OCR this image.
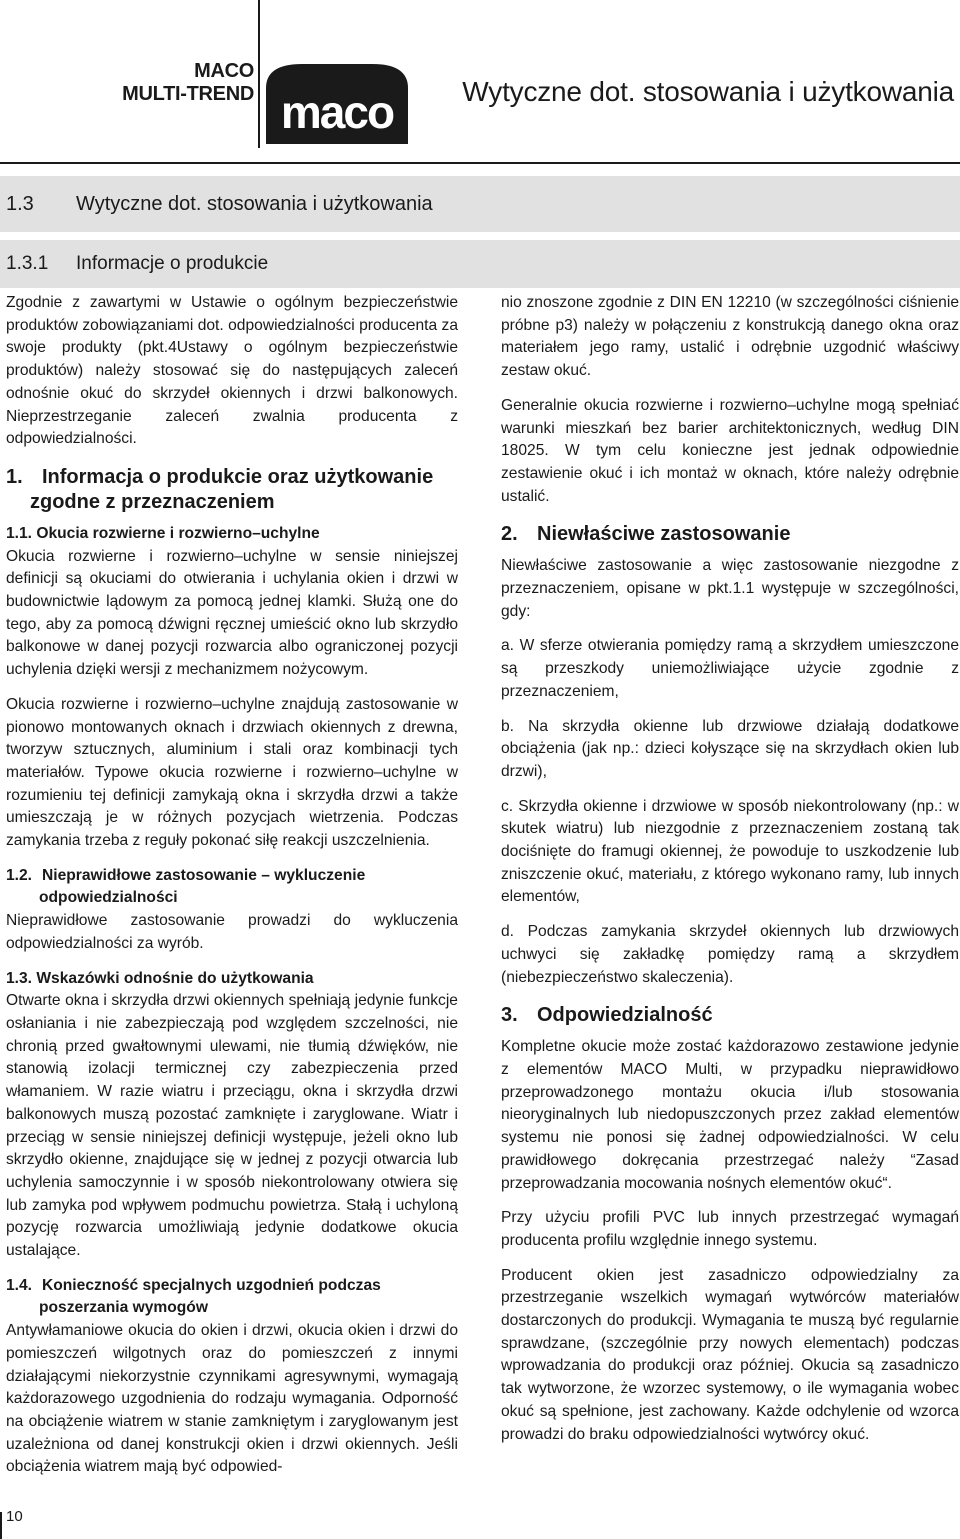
MACO
MULTI-TREND maco Wytyczne dot. stosowania i użytkowania
1.3 Wytyczne dot. stosowania i użytkowania
1.3.1 Informacje o produkcie

Zgodnie z zawartymi w Ustawie o ogólnym bezpieczeństwie produktów zobowiązaniami dot. odpowiedzialności producenta za swoje produkty (pkt.4Ustawy o ogólnym bezpieczeństwie produktów) należy stosować się do następujących zaleceń odnośnie okuć do skrzydeł okiennych i drzwi balkonowych. Nieprzestrzeganie zaleceń zwalnia producenta z odpowiedzialności.

1. Informacja o produkcie oraz użytkowanie
zgodne z przeznaczeniem
1.1. Okucia rozwierne i rozwierno–uchylne

Okucia rozwierne i rozwierno–uchylne w sensie niniejszej definicji są okuciami do otwierania i uchylania okien i drzwi w budownictwie lądowym za pomocą jednej klamki. Służą one do tego, aby za pomocą dźwigni ręcznej umieścić okno lub skrzydło balkonowe w danej pozycji rozwarcia albo ograniczonej pozycji uchylenia dzięki wersji z mechanizmem nożycowym.

Okucia rozwierne i rozwierno–uchylne znajdują zastosowanie w pionowo montowanych oknach i drzwiach okiennych z drewna, tworzyw sztucznych, aluminium i stali oraz kombinacji tych materiałów. Typowe okucia rozwierne i rozwierno–uchylne w rozumieniu tej definicji zamykają okna i skrzydła drzwi a także umieszczają je w różnych pozycjach wietrzenia. Podczas zamykania trzeba z reguły pokonać siłę reakcji uszczelnienia.

1.2. Nieprawidłowe zastosowanie – wykluczenie
odpowiedzialności

Nieprawidłowe zastosowanie prowadzi do wykluczenia odpowiedzialności za wyrób.

1.3. Wskazówki odnośnie do użytkowania

Otwarte okna i skrzydła drzwi okiennych spełniają jedynie funkcje osłaniania i nie zabezpieczają pod względem szczelności, nie chronią przed gwałtownymi ulewami, nie tłumią dźwięków, nie stanowią izolacji termicznej czy zabezpieczenia przed włamaniem. W razie wiatru i przeciągu, okna i skrzydła drzwi balkonowych muszą pozostać zamknięte i zaryglowane. Wiatr i przeciąg w sensie niniejszej definicji występuje, jeżeli okno lub skrzydło okienne, znajdujące się w jednej z pozycji otwarcia lub uchylenia samoczynnie i w sposób niekontrolowany otwiera się lub zamyka pod wpływem podmuchu powietrza. Stałą i uchyloną pozycję rozwarcia umożliwiają jedynie dodatkowe okucia ustalające.

1.4. Konieczność specjalnych uzgodnień podczas
poszerzania wymogów

Antywłamaniowe okucia do okien i drzwi, okucia okien i drzwi do pomieszczeń wilgotnych oraz do pomieszczeń z innymi działającymi niekorzystnie czynnikami agresywnymi, wymagają każdorazowego uzgodnienia do rodzaju wymagania. Odporność na obciążenie wiatrem w stanie zamkniętym i zaryglowanym jest uzależniona od danej konstrukcji okien i drzwi okiennych. Jeśli obciążenia wiatrem mają być odpowied-

nio znoszone zgodnie z DIN EN 12210 (w szczególności ciśnienie próbne p3) należy w połączeniu z konstrukcją danego okna oraz materiałem jego ramy, ustalić i odrębnie uzgodnić właściwy zestaw okuć.

Generalnie okucia rozwierne i rozwierno–uchylne mogą spełniać warunki mieszkań bez barier architektonicznych, według DIN 18025. W tym celu konieczne jest jednak odpowiednie zestawienie okuć i ich montaż w oknach, które należy odrębnie ustalić.

2. Niewłaściwe zastosowanie

Niewłaściwe zastosowanie a więc zastosowanie niezgodne z przeznaczeniem, opisane w pkt.1.1 występuje w szczególności, gdy:

a. W sferze otwierania pomiędzy ramą a skrzydłem umieszczone są przeszkody uniemożliwiające użycie zgodnie z przeznaczeniem,

b. Na skrzydła okienne lub drzwiowe działają dodatkowe obciążenia (jak np.: dzieci kołyszące się na skrzydłach okien lub drzwi),

c. Skrzydła okienne i drzwiowe w sposób niekontrolowany (np.: w skutek wiatru) lub niezgodnie z przeznaczeniem zostaną tak dociśnięte do framugi okiennej, że powoduje to uszkodzenie lub zniszczenie okuć, materiału, z którego wykonano ramy, lub innych elementów,

d. Podczas zamykania skrzydeł okiennych lub drzwiowych uchwyci się zakładkę pomiędzy ramą a skrzydłem (niebezpieczeństwo skaleczenia).

3. Odpowiedzialność

Kompletne okucie może zostać każdorazowo zestawione jedynie z elementów MACO Multi, w przypadku nieprawidłowo przeprowadzonego montażu okucia i/lub stosowania nieoryginalnych lub niedopuszczonych przez zakład elementów systemu nie ponosi się żadnej odpowiedzialności. W celu prawidłowego dokręcania przestrzegać należy “Zasad przeprowadzania mocowania nośnych elementów okuć“.

Przy użyciu profili PVC lub innych przestrzegać wymagań producenta profilu względnie innego systemu.

Producent okien jest zasadniczo odpowiedzialny za przestrzeganie wszelkich wymagań wytwórców materiałów dostarczonych do produkcji. Wymagania te muszą być regularnie sprawdzane, (szczególnie przy nowych elementach) podczas wprowadzania do produkcji oraz później. Okucia są zasadniczo tak wytworzone, że wzorzec systemowy, o ile wymagania wobec okuć są spełnione, jest zachowany. Każde odchylenie od wzorca prowadzi do braku odpowiedzialności wytwórcy okuć.

10
